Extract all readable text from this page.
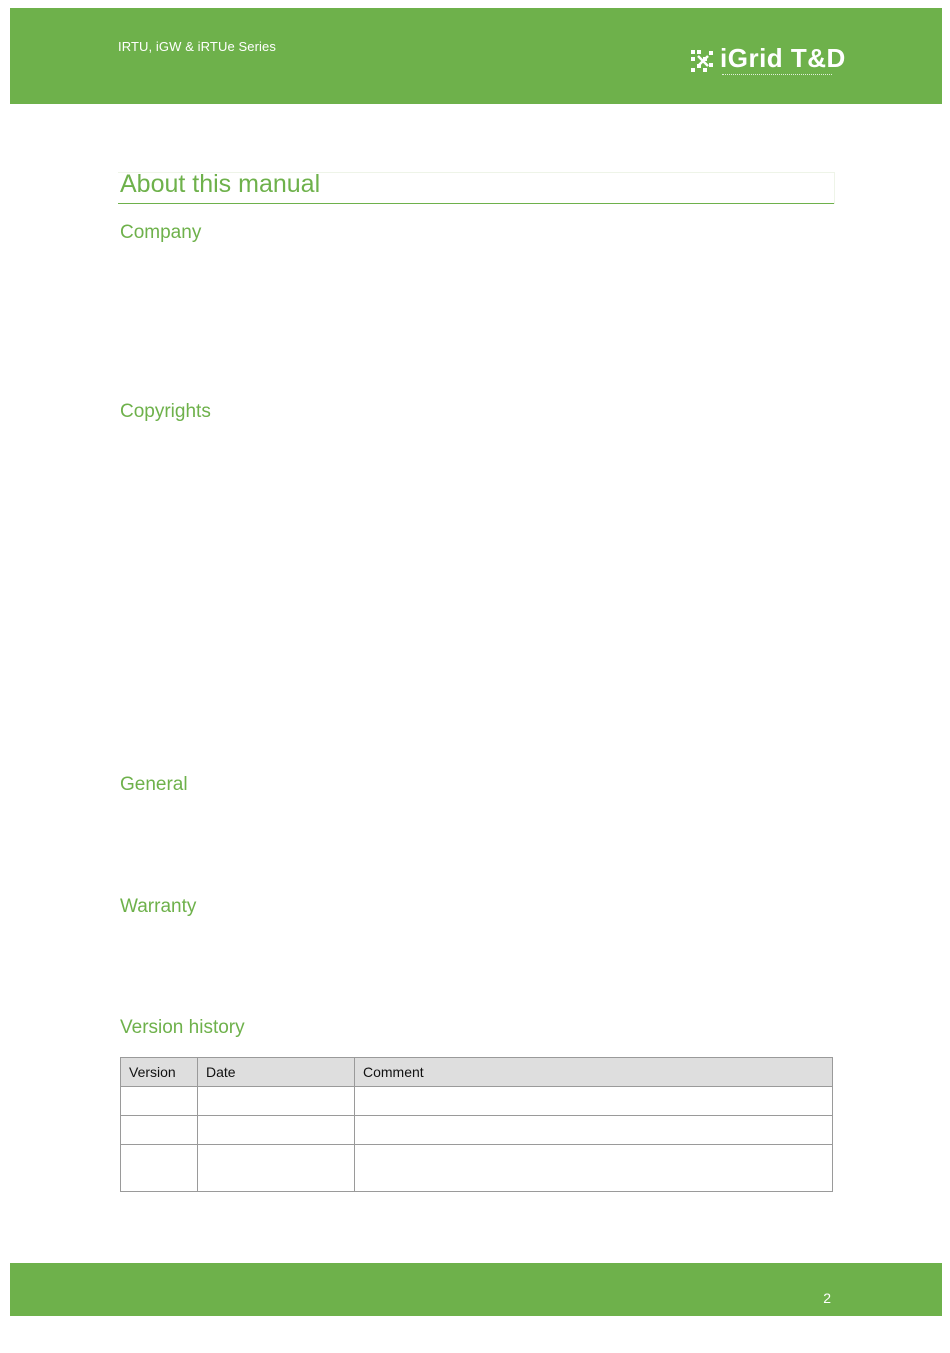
IRTU, iGW & iRTUe Series	iGrid T&D
About this manual
Company
Copyrights
General
Warranty
Version history
Version	Date	Comment

2
